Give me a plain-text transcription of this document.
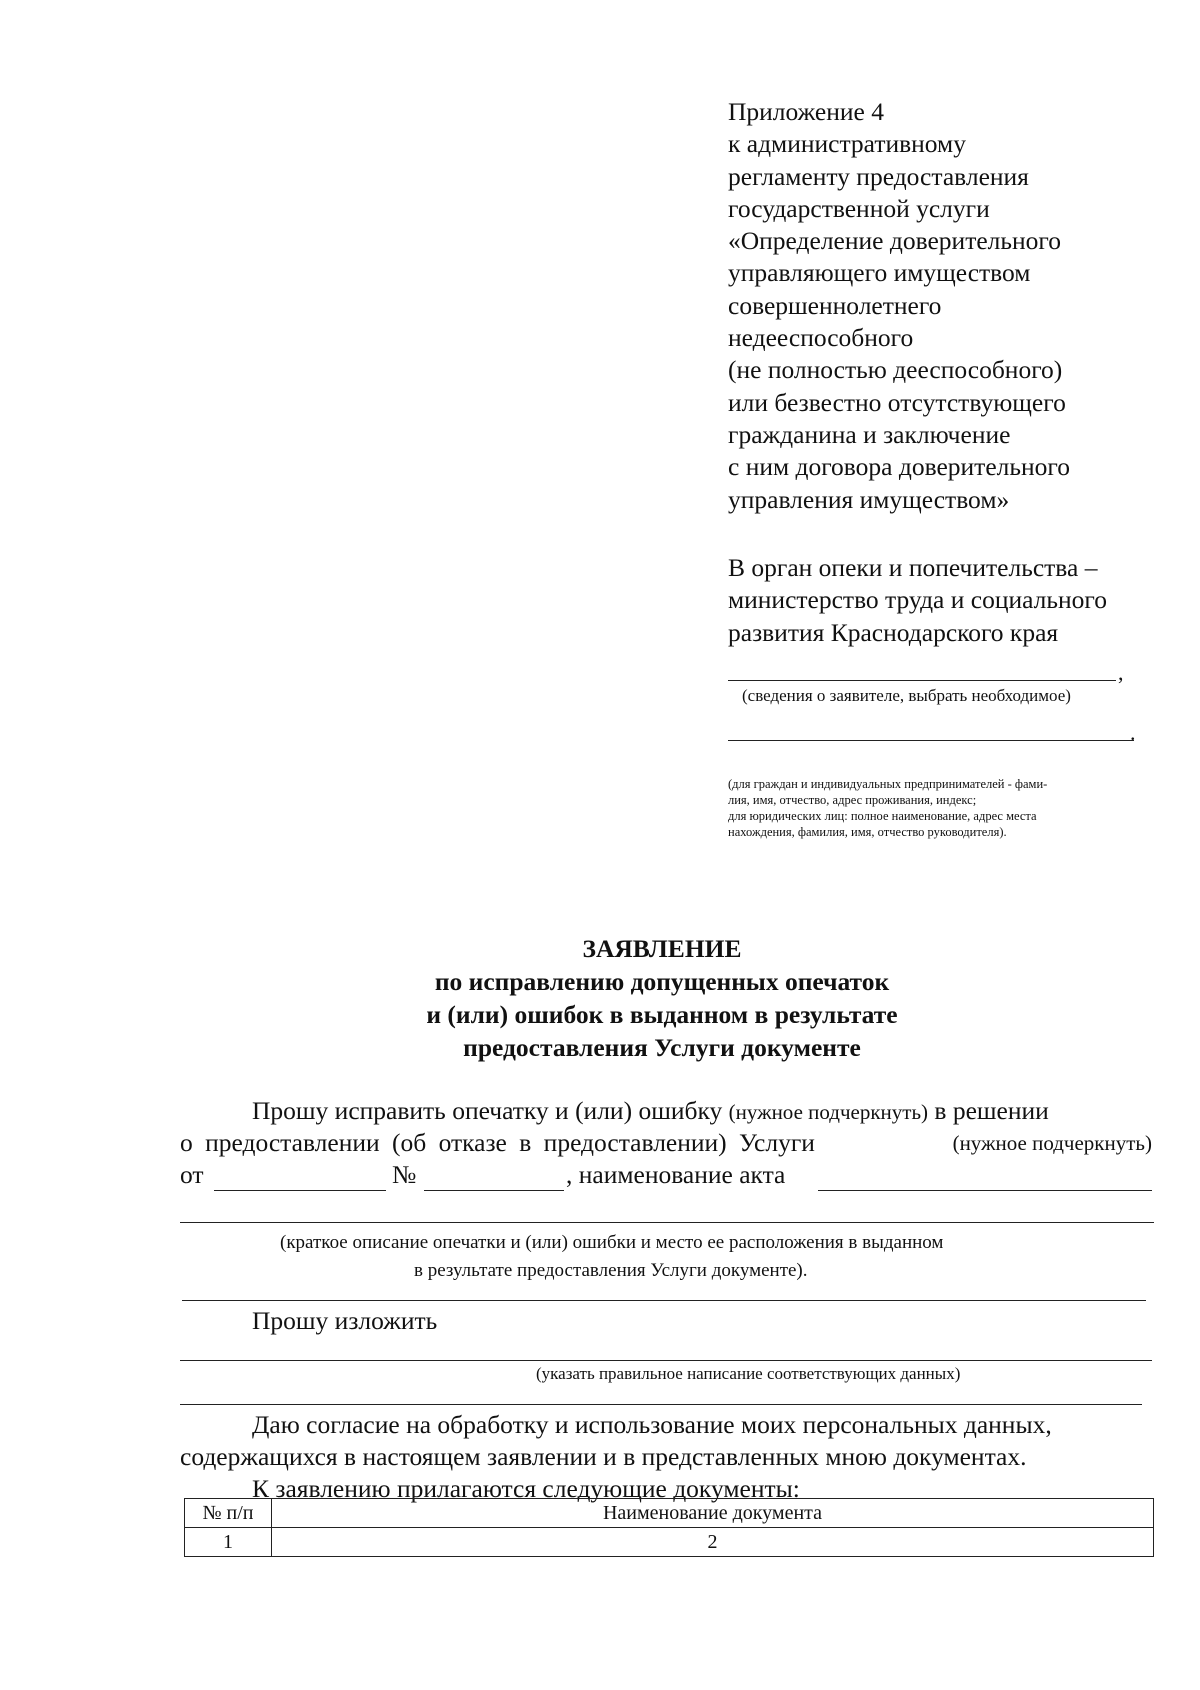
Приложение 4
к административному
регламенту предоставления
государственной услуги
«Определение доверительного
управляющего имуществом
совершеннолетнего
недееспособного
(не полностью дееспособного)
или безвестно отсутствующего
гражданина и заключение
с ним договора доверительного
управления имуществом»
В орган опеки и попечительства –
министерство труда и социального
развития Краснодарского края
,
(сведения о заявителе, выбрать необходимое)
.
(для граждан и индивидуальных предпринимателей - фами-
лия, имя, отчество, адрес проживания, индекс;
для юридических лиц: полное наименование, адрес места
нахождения, фамилия, имя, отчество руководителя).
ЗАЯВЛЕНИЕ
по исправлению допущенных опечаток
и (или) ошибок в выданном в результате
предоставления Услуги документе
Прошу исправить опечатку и (или) ошибку (нужное подчеркнуть) в решении
о предоставлении (об отказе в предоставлении) Услуги	(нужное подчеркнуть)
от	№	, наименование акта
(краткое описание опечатки и (или) ошибки и место ее расположения в выданном
в результате предоставления Услуги документе).
Прошу изложить
(указать правильное написание соответствующих данных)
Даю согласие на обработку и использование моих персональных данных,
содержащихся в настоящем заявлении и в представленных мною документах.
К заявлению прилагаются следующие документы:
№ п/п	Наименование документа
1	2
